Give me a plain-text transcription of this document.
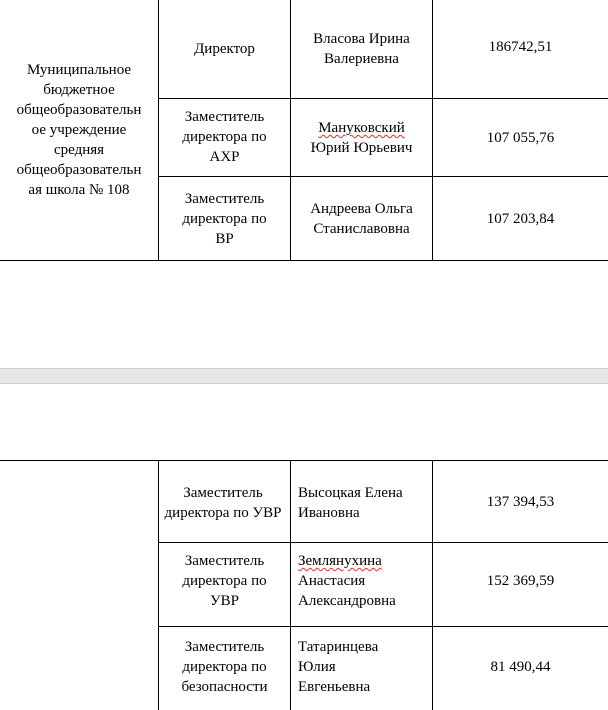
Муниципальное
бюджетное
общеобразовательн
ое учреждение
средняя
общеобразовательн
ая школа № 108
Директор
Власова Ирина
Валериевна
186742,51
Заместитель
директора по
АХР
Мануковский
Юрий Юрьевич
107 055,76
Заместитель
директора по
ВР
Андреева Ольга
Станиславовна
107 203,84
Заместитель
директора по УВР
Высоцкая Елена
Ивановна
137 394,53
Заместитель
директора по
УВР
Землянухина
Анастасия
Александровна
152 369,59
Заместитель
директора по
безопасности
Татаринцева
Юлия
Евгеньевна
81 490,44
